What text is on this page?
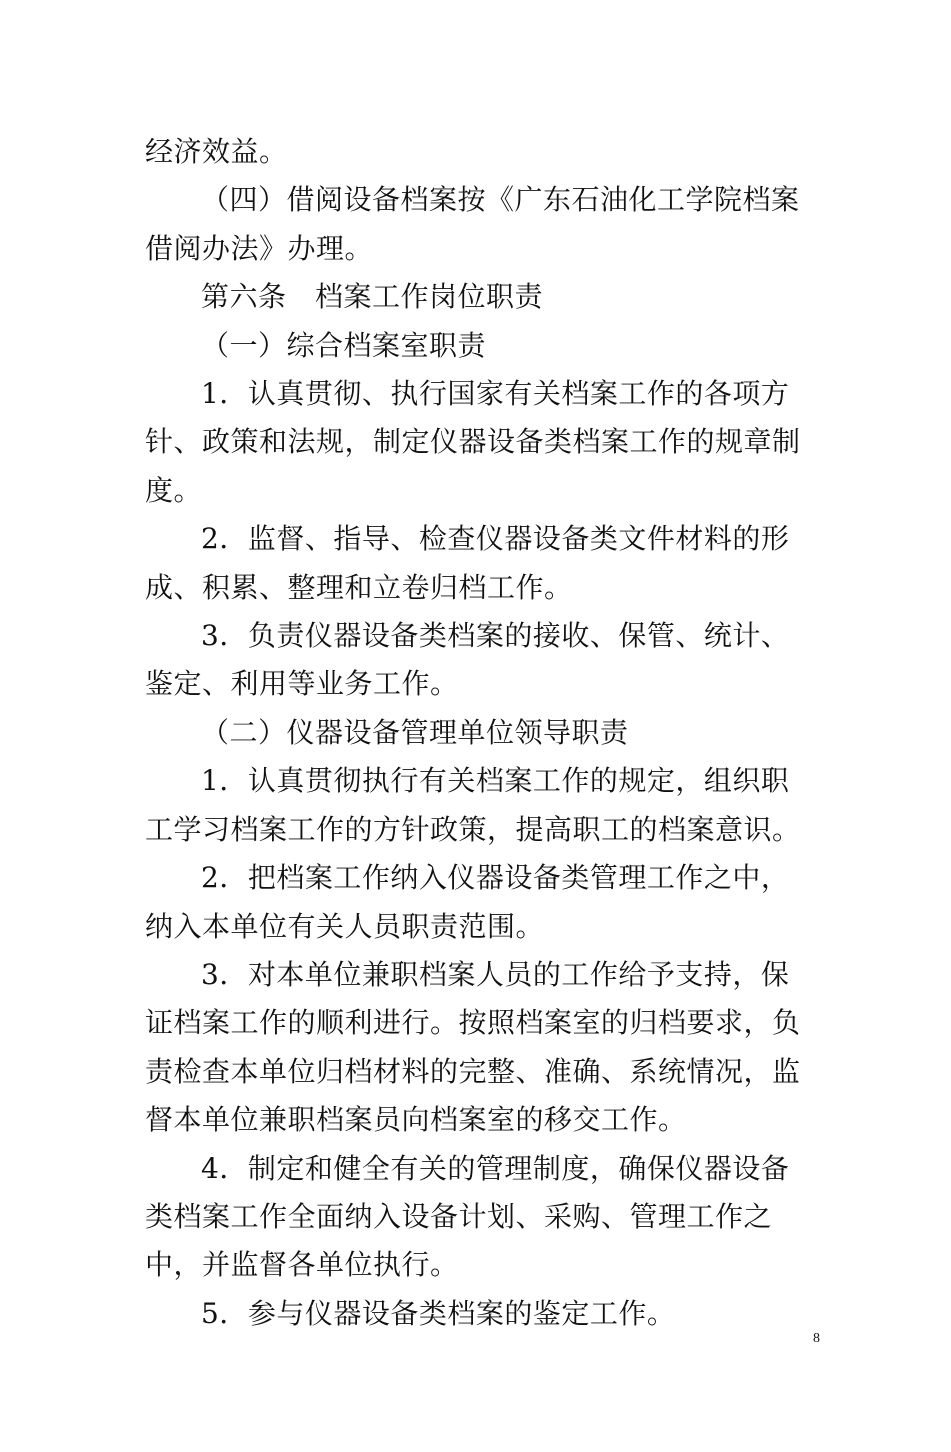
经济效益。

（四）借阅设备档案按《广东石油化工学院档案借阅办法》办理。

第六条　档案工作岗位职责

（一）综合档案室职责

1．认真贯彻、执行国家有关档案工作的各项方针、政策和法规，制定仪器设备类档案工作的规章制度。

2．监督、指导、检查仪器设备类文件材料的形成、积累、整理和立卷归档工作。

3．负责仪器设备类档案的接收、保管、统计、鉴定、利用等业务工作。

（二）仪器设备管理单位领导职责

1．认真贯彻执行有关档案工作的规定，组织职工学习档案工作的方针政策，提高职工的档案意识。

2．把档案工作纳入仪器设备类管理工作之中，纳入本单位有关人员职责范围。

3．对本单位兼职档案人员的工作给予支持，保证档案工作的顺利进行。按照档案室的归档要求，负责检查本单位归档材料的完整、准确、系统情况，监督本单位兼职档案员向档案室的移交工作。

4．制定和健全有关的管理制度，确保仪器设备类档案工作全面纳入设备计划、采购、管理工作之中，并监督各单位执行。

5．参与仪器设备类档案的鉴定工作。

8
